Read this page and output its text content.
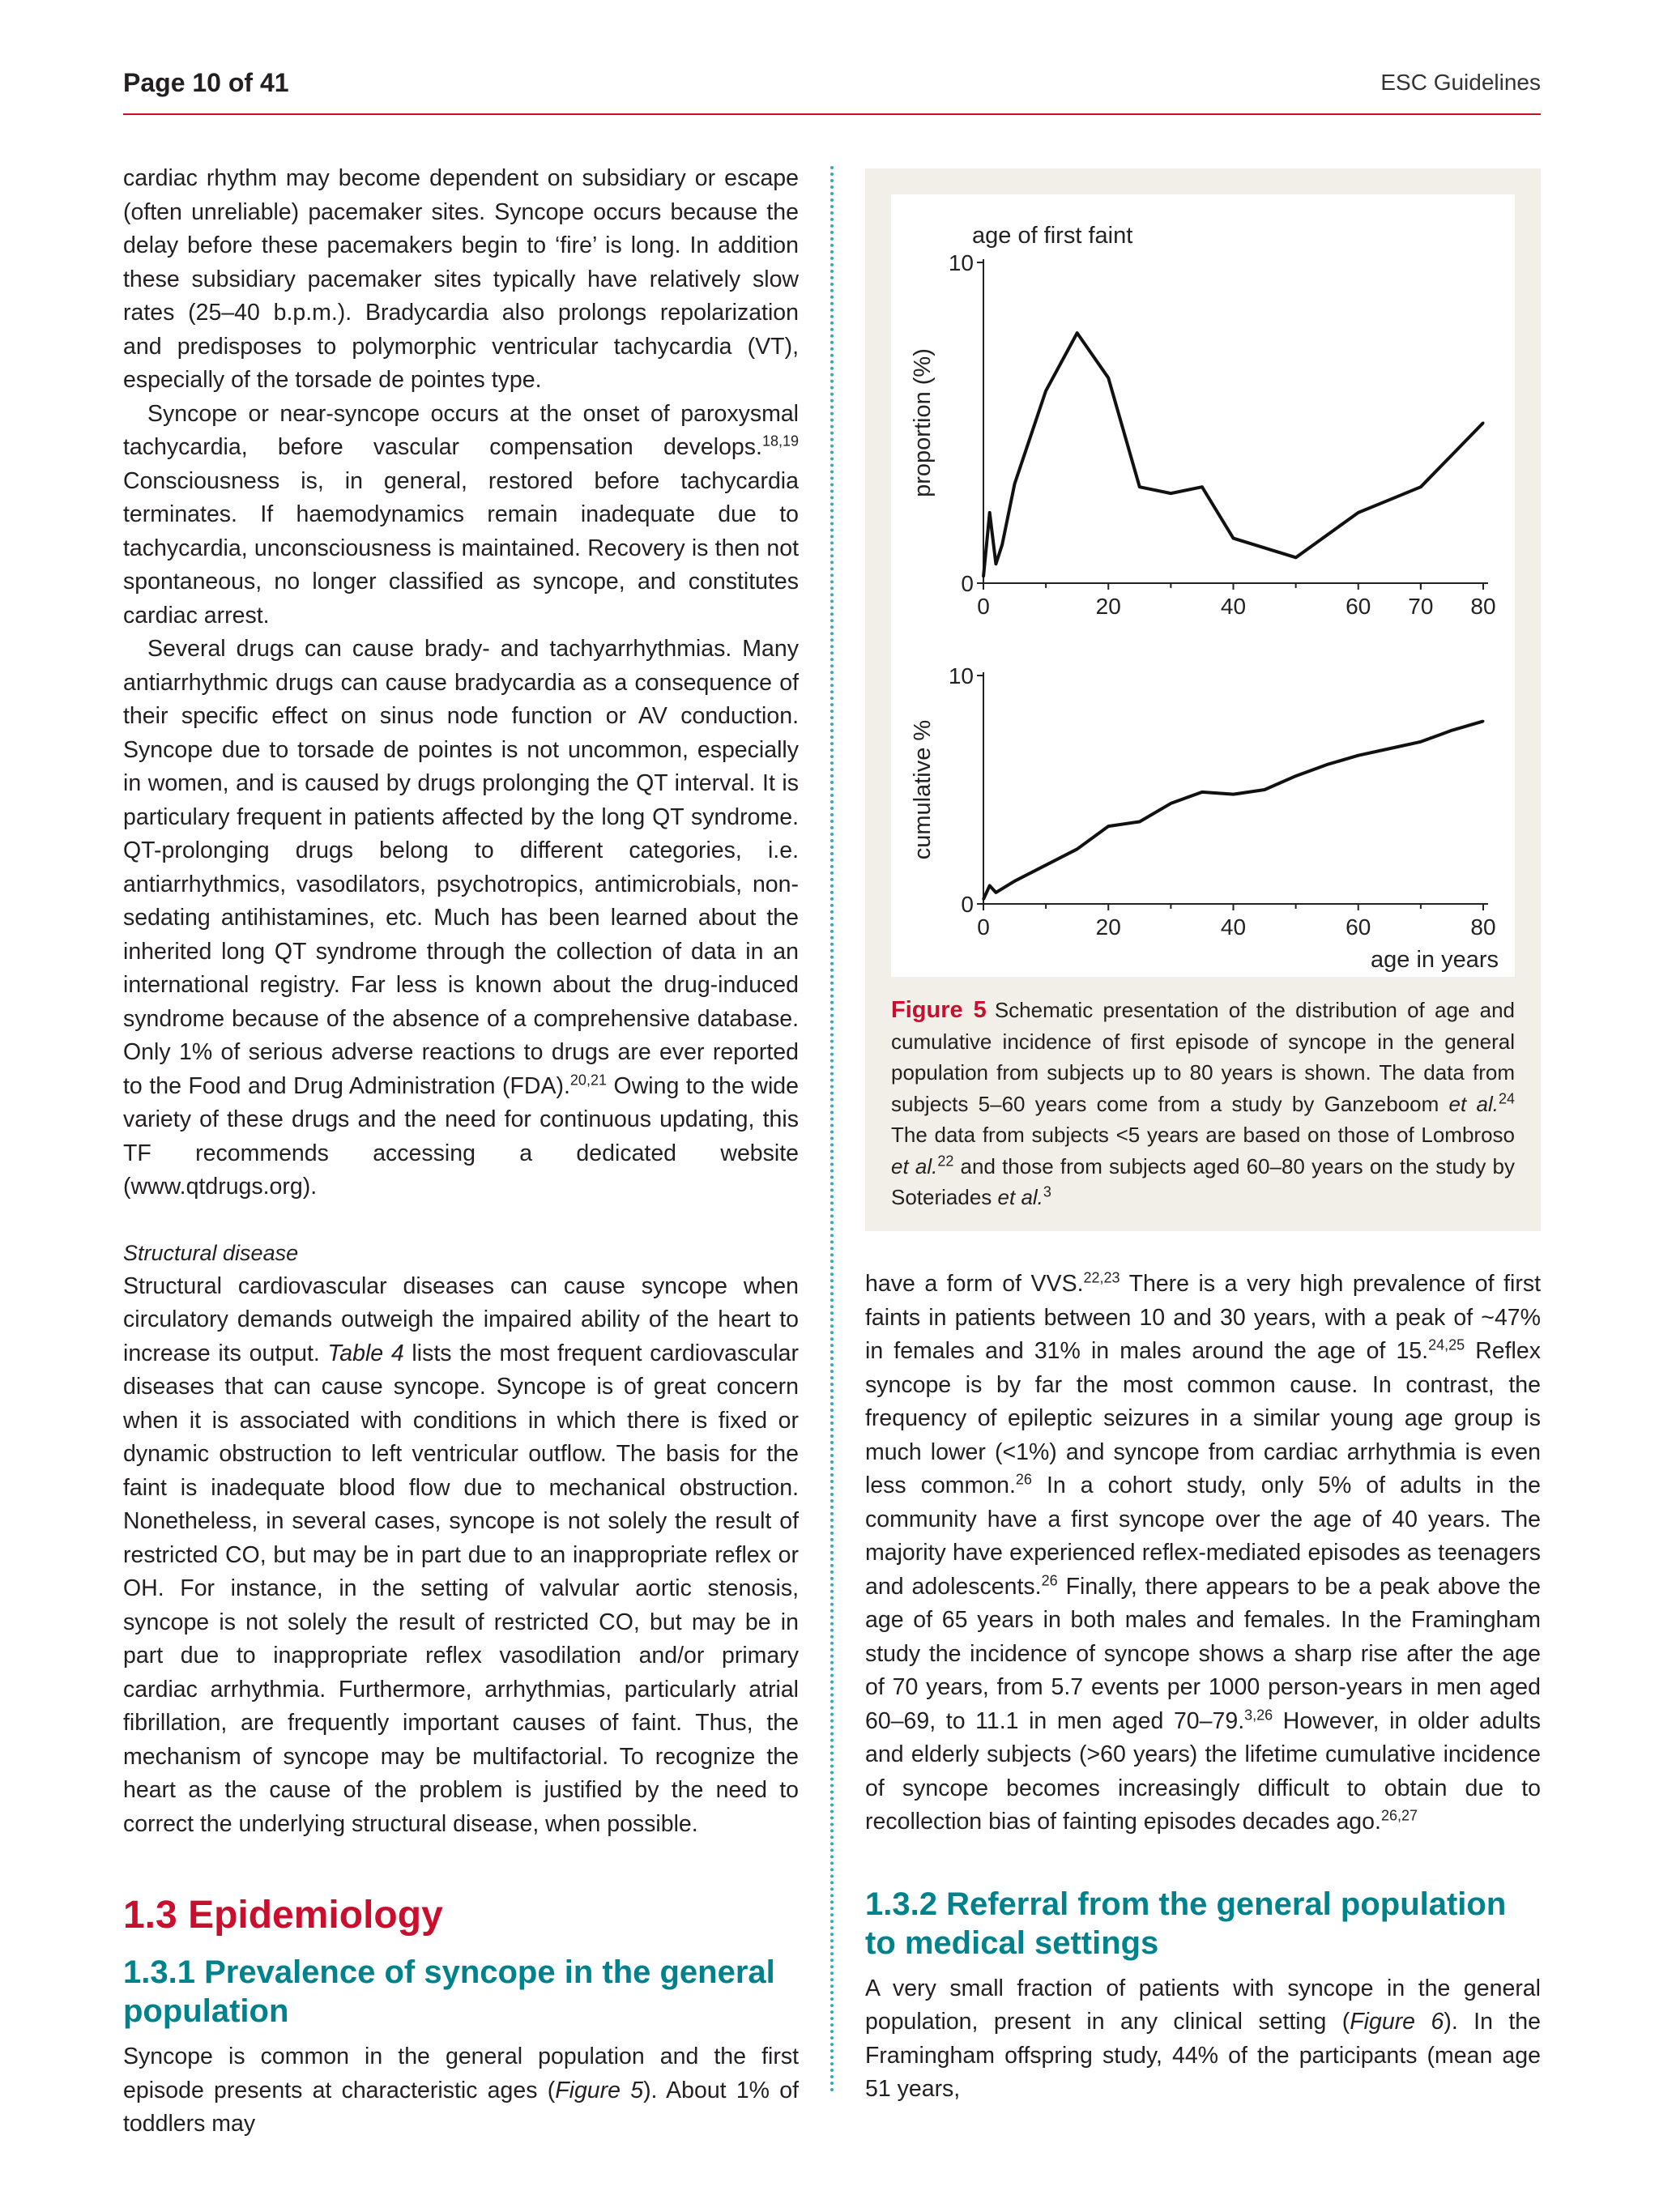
Page 10 of 41	ESC Guidelines

cardiac rhythm may become dependent on subsidiary or escape (often unreliable) pacemaker sites. Syncope occurs because the delay before these pacemakers begin to ‘fire’ is long. In addition these subsidiary pacemaker sites typically have relatively slow rates (25–40 b.p.m.). Bradycardia also prolongs repolarization and predisposes to polymorphic ventricular tachycardia (VT), especially of the torsade de pointes type.

Syncope or near-syncope occurs at the onset of paroxysmal tachycardia, before vascular compensation develops.$^{18,19}$ Consciousness is, in general, restored before tachycardia terminates. If haemodynamics remain inadequate due to tachycardia, unconsciousness is maintained. Recovery is then not spontaneous, no longer classified as syncope, and constitutes cardiac arrest.

Several drugs can cause brady- and tachyarrhythmias. Many antiarrhythmic drugs can cause bradycardia as a consequence of their specific effect on sinus node function or AV conduction. Syncope due to torsade de pointes is not uncommon, especially in women, and is caused by drugs prolonging the QT interval. It is particulary frequent in patients affected by the long QT syndrome. QT-prolonging drugs belong to different categories, i.e. antiarrhythmics, vasodilators, psychotropics, antimicrobials, non-sedating antihistamines, etc. Much has been learned about the inherited long QT syndrome through the collection of data in an international registry. Far less is known about the drug-induced syndrome because of the absence of a comprehensive database. Only 1% of serious adverse reactions to drugs are ever reported to the Food and Drug Administration (FDA).$^{20,21}$ Owing to the wide variety of these drugs and the need for continuous updating, this TF recommends accessing a dedicated website (www.qtdrugs.org).

Structural disease

Structural cardiovascular diseases can cause syncope when circulatory demands outweigh the impaired ability of the heart to increase its output. Table 4 lists the most frequent cardiovascular diseases that can cause syncope. Syncope is of great concern when it is associated with conditions in which there is fixed or dynamic obstruction to left ventricular outflow. The basis for the faint is inadequate blood flow due to mechanical obstruction. Nonetheless, in several cases, syncope is not solely the result of restricted CO, but may be in part due to an inappropriate reflex or OH. For instance, in the setting of valvular aortic stenosis, syncope is not solely the result of restricted CO, but may be in part due to inappropriate reflex vasodilation and/or primary cardiac arrhythmia. Furthermore, arrhythmias, particularly atrial fibrillation, are frequently important causes of faint. Thus, the mechanism of syncope may be multifactorial. To recognize the heart as the cause of the problem is justified by the need to correct the underlying structural disease, when possible.

1.3 Epidemiology
1.3.1 Prevalence of syncope in the general population

Syncope is common in the general population and the first episode presents at characteristic ages (Figure 5). About 1% of toddlers may

0
10
0	20	40	60 70 80
age of first faint
proportion (%)
0
10
0	20	40	60	80
cumulative %
age in years
Figure 5 Schematic presentation of the distribution of age and cumulative incidence of first episode of syncope in the general population from subjects up to 80 years is shown. The data from subjects 5–60 years come from a study by Ganzeboom et al.$^{24}$ The data from subjects <5 years are based on those of Lombroso et al.$^{22}$ and those from subjects aged 60–80 years on the study by Soteriades et al.$^3$

have a form of VVS.$^{22,23}$ There is a very high prevalence of first faints in patients between 10 and 30 years, with a peak of ~47% in females and 31% in males around the age of 15.$^{24,25}$ Reflex syncope is by far the most common cause. In contrast, the frequency of epileptic seizures in a similar young age group is much lower (<1%) and syncope from cardiac arrhythmia is even less common.$^{26}$ In a cohort study, only 5% of adults in the community have a first syncope over the age of 40 years. The majority have experienced reflex-mediated episodes as teenagers and adolescents.$^{26}$ Finally, there appears to be a peak above the age of 65 years in both males and females. In the Framingham study the incidence of syncope shows a sharp rise after the age of 70 years, from 5.7 events per 1000 person-years in men aged 60–69, to 11.1 in men aged 70–79.$^{3,26}$ However, in older adults and elderly subjects (>60 years) the lifetime cumulative incidence of syncope becomes increasingly difficult to obtain due to recollection bias of fainting episodes decades ago.$^{26,27}$

1.3.2 Referral from the general population to medical settings

A very small fraction of patients with syncope in the general population, present in any clinical setting (Figure 6). In the Framingham offspring study, 44% of the participants (mean age 51 years,
